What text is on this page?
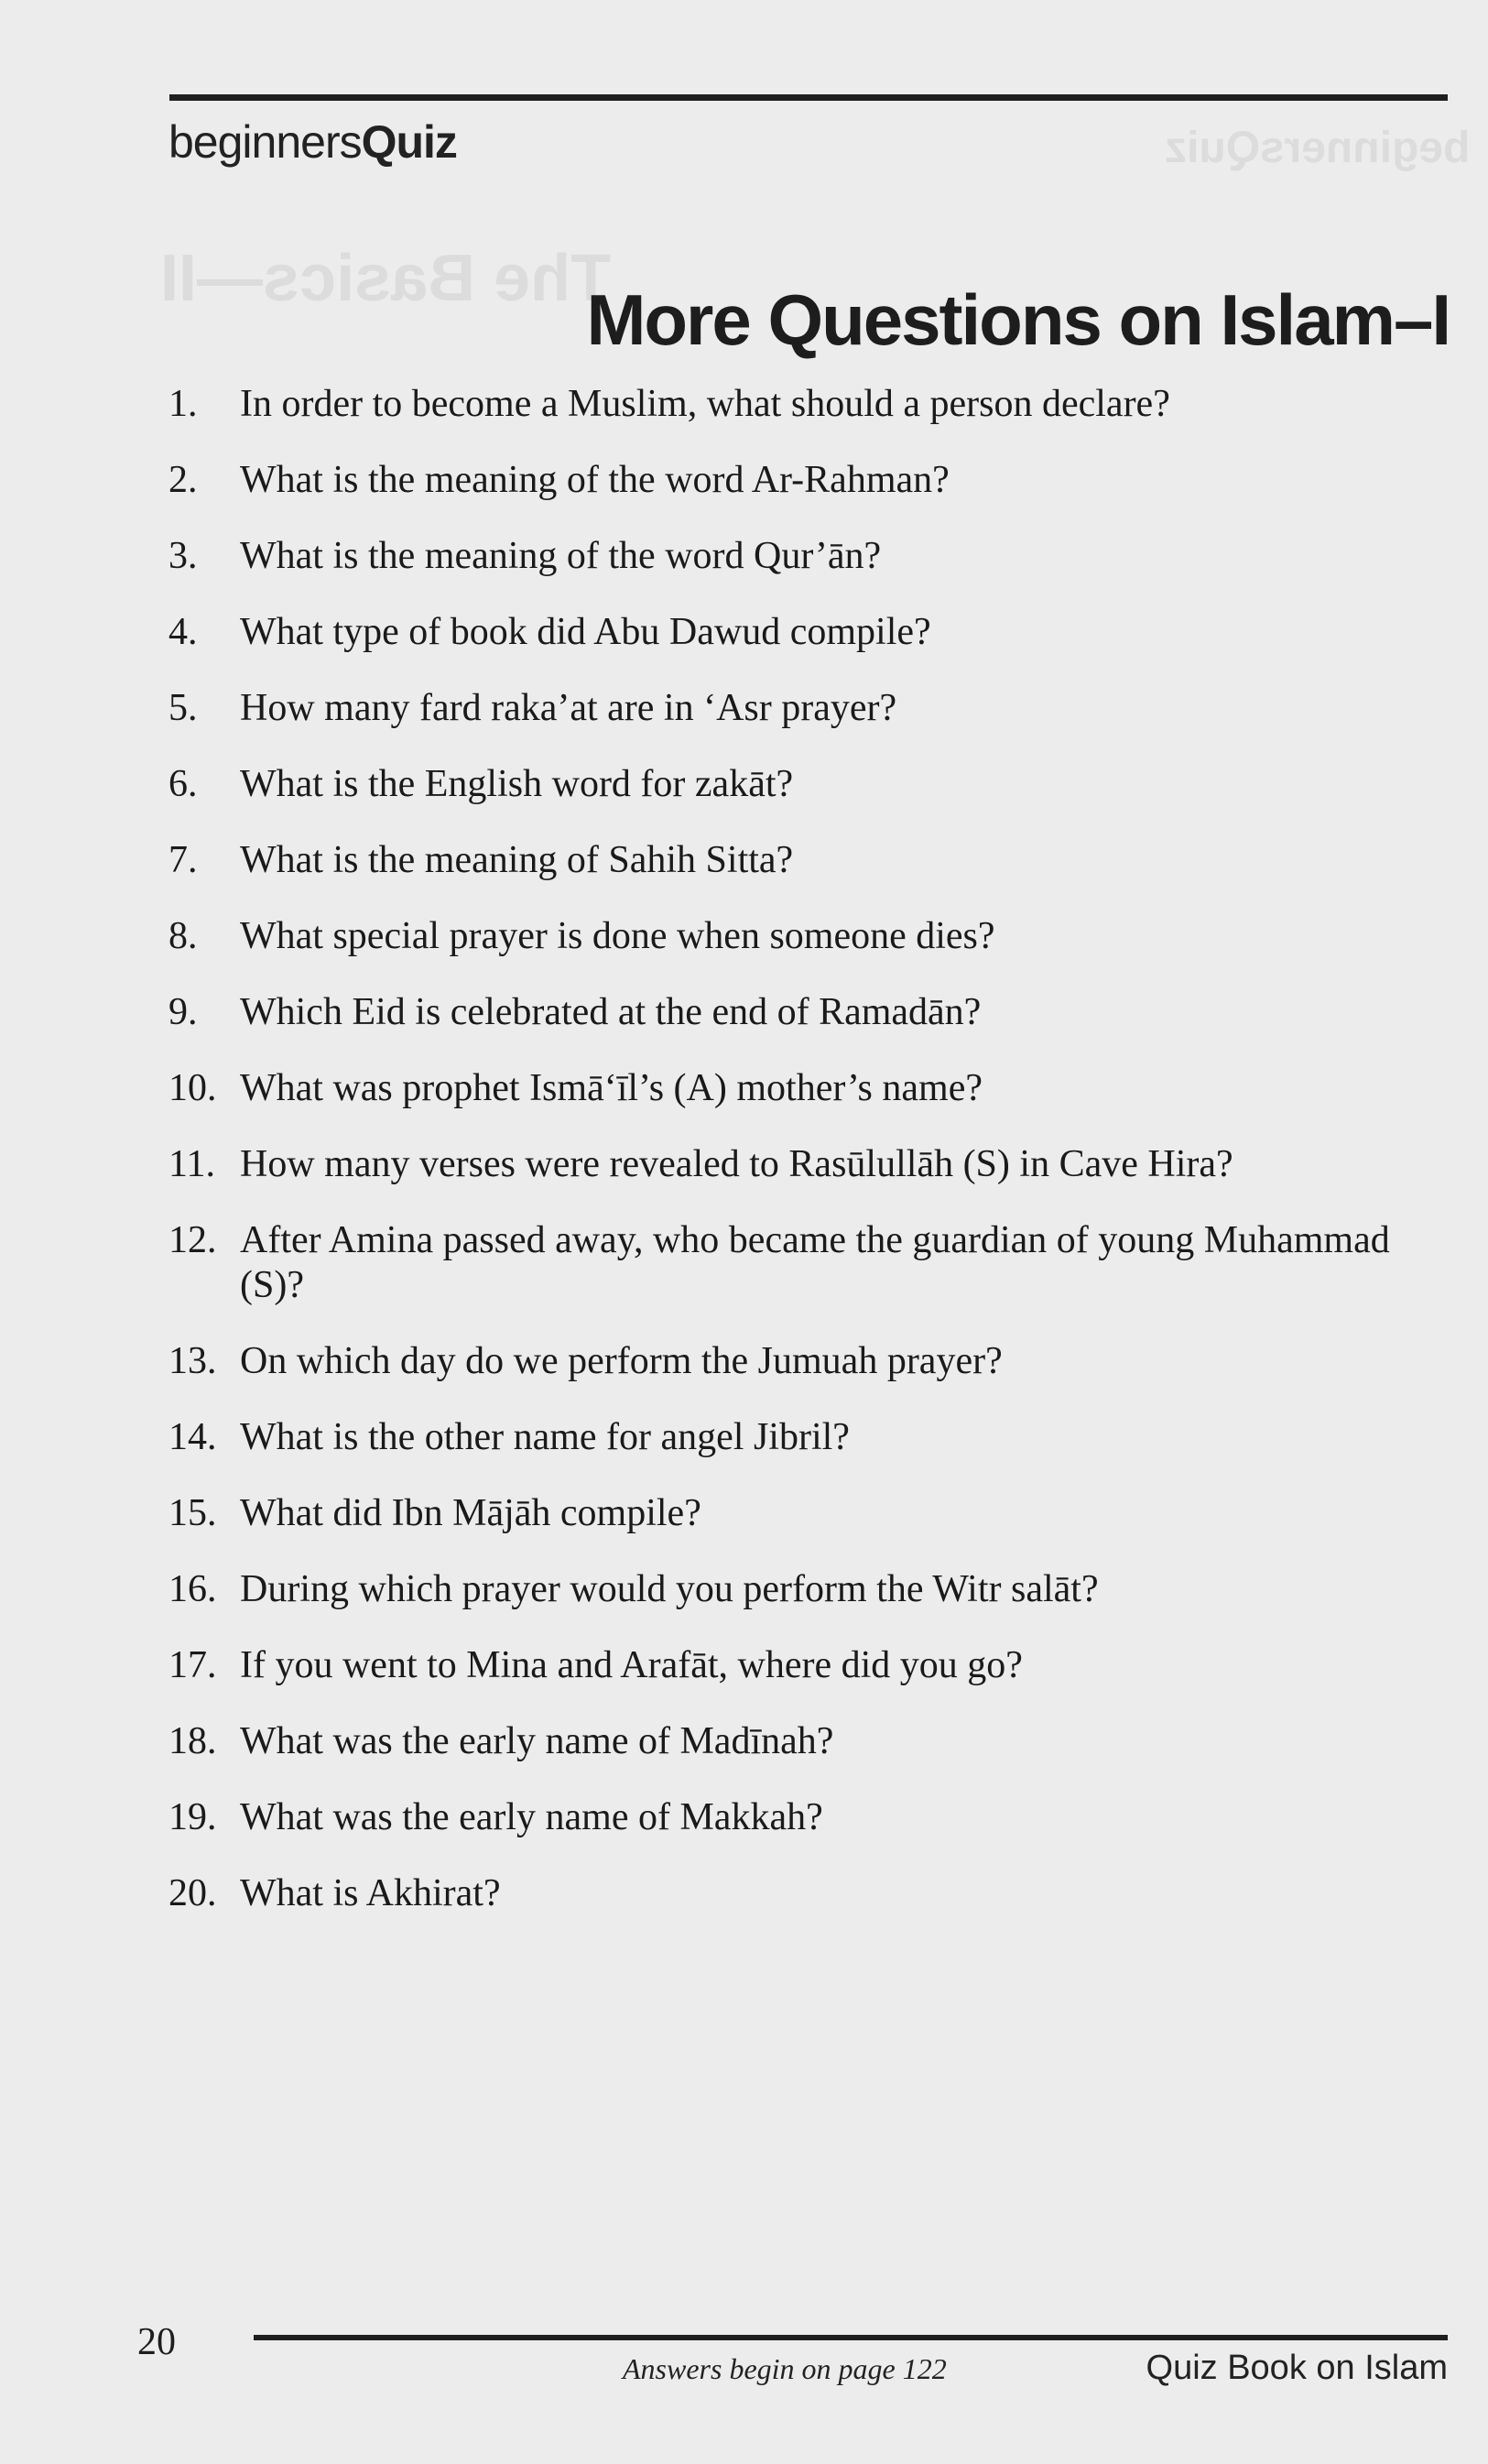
beginnersQuiz
The Basics—II
beginnersQuiz
More Questions on Islam–I
1.	In order to become a Muslim, what should a person declare?
2.	What is the meaning of the word Ar-Rahman?
3.	What is the meaning of the word Qur’ān?
4.	What type of book did Abu Dawud compile?
5.	How many fard raka’at are in ‘Asr prayer?
6.	What is the English word for zakāt?
7.	What is the meaning of Sahih Sitta?
8.	What special prayer is done when someone dies?
9.	Which Eid is celebrated at the end of Ramadān?
10. What was prophet Ismā‘īl’s (A) mother’s name?
11. How many verses were revealed to Rasūlullāh (S) in Cave Hira?
12. After Amina passed away, who became the guardian of young Muhammad (S)?
13. On which day do we perform the Jumuah prayer?
14. What is the other name for angel Jibril?
15. What did Ibn Mājāh compile?
16. During which prayer would you perform the Witr salāt?
17. If you went to Mina and Arafāt, where did you go?
18. What was the early name of Madīnah?
19. What was the early name of Makkah?
20. What is Akhirat?
20
Answers begin on page 122	Quiz Book on Islam
